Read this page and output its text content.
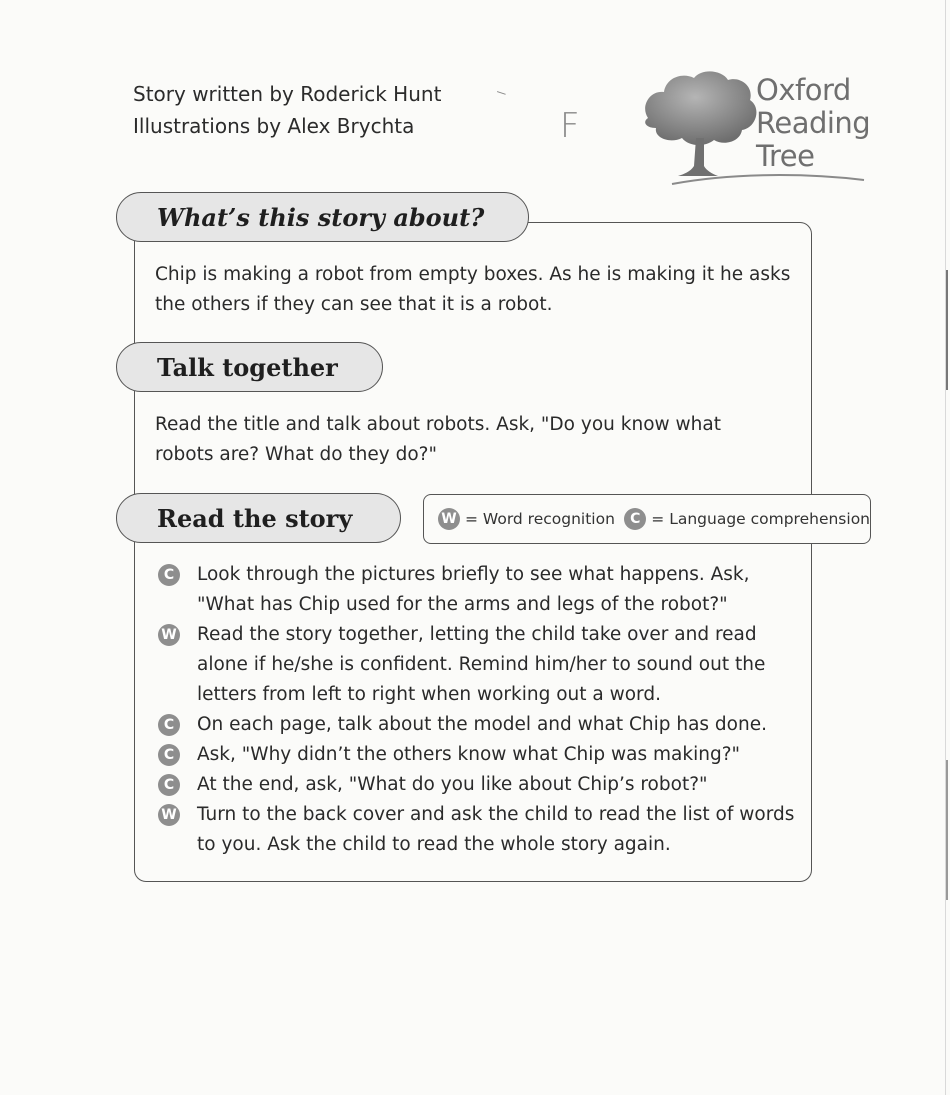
Story written by Roderick Hunt
Illustrations by Alex Brychta
–
F
Oxford
Reading
Tree
What’s this story about?
Chip is making a robot from empty boxes. As he is making it he asks the others if they can see that it is a robot.
Talk together
Read the title and talk about robots. Ask, "Do you know what robots are? What do they do?"
Read the story	W = Word recognition	C = Language comprehension
C	Look through the pictures briefly to see what happens. Ask, "What has Chip used for the arms and legs of the robot?"
W Read the story together, letting the child take over and read alone if he/she is confident. Remind him/her to sound out the letters from left to right when working out a word.
C	On each page, talk about the model and what Chip has done.
C	Ask, "Why didn’t the others know what Chip was making?"
C	At the end, ask, "What do you like about Chip’s robot?"
W Turn to the back cover and ask the child to read the list of words to you. Ask the child to read the whole story again.
